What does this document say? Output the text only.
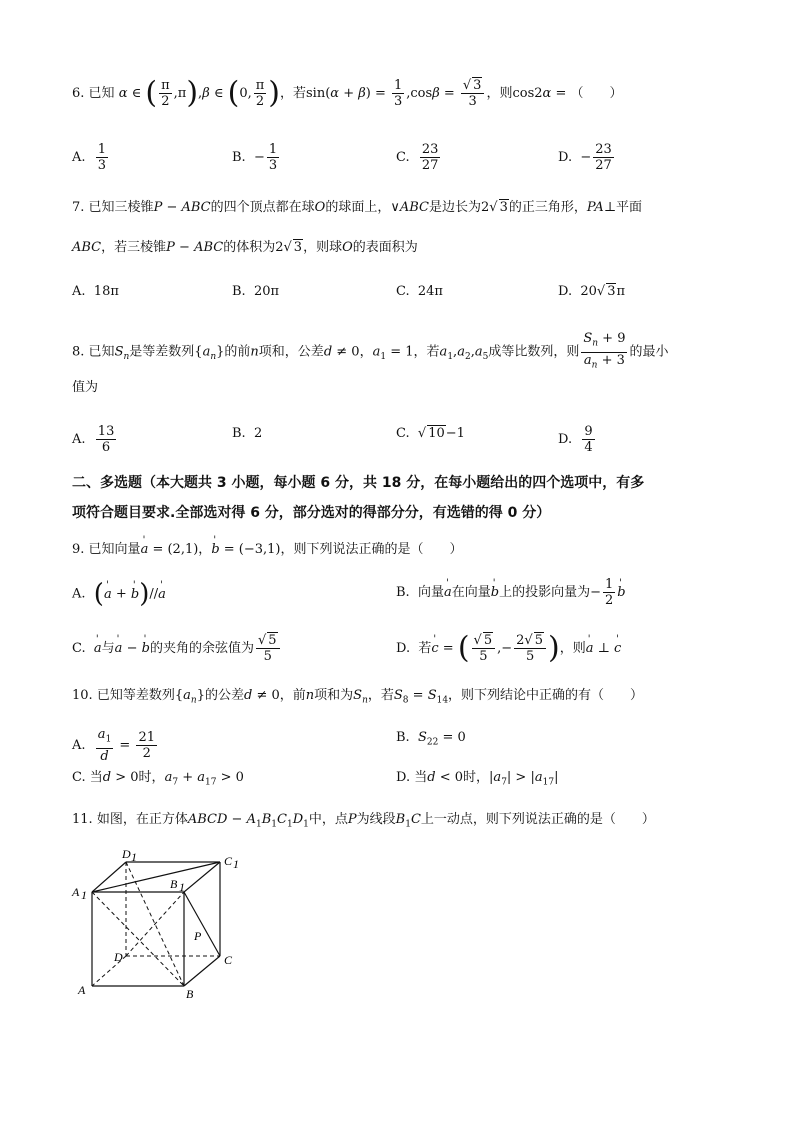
6. 已知 α ∈ ( $\frac{\pi}{2} ,\pi),\beta$ ∈ (0, $\frac{\pi}{2}$ )，若$\sin(\alpha + \beta) = \frac{1}{3} ,\cos\beta = \frac{√ 3}{3}$ ，则cos2α = （　　）
A. $\frac{1}{3}$	B.  − $\frac{1}{3}$	C. $\frac{23}{27}$	D.  − $\frac{23}{27}$
7. 已知三棱锥P − ABC的四个顶点都在球O的球面上，∨ABC是边长为2√ 3的正三角形，PA⊥平面
ABC，若三棱锥P − ABC的体积为2√ 3，则球O的表面积为
A.  18π	B.  20π	C.  24π	D.  20√ 3π
8. 已知$S_n$是等差数列$\{a_n\}$的前n项和，公差d ≠ 0，$a_1 = 1$，若$a_1,a_2,a_5$成等比数列，则 $\frac{S_n + 9}{a_n + 3}$ 的最小
值为
A. $\frac{13}{6}$	B.  2	C.  √ 10−1	D. $\frac{9}{4}$
二、多选题（本大题共 3 小题，每小题 6 分，共 18 分，在每小题给出的四个选项中，有多
项符合题目要求.全部选对得 6 分，部分选对的得部分分，有选错的得 0 分）
9. 已知向量' a = (2,1)，' b = (−3,1)，则下列说法正确的是（　　）
A. (' a + ' b)//' a	B. 向量' a在向量' b上的投影向量为− $\frac{1}{2}$ ' b
C. ' a与' a − ' b的夹角的余弦值为 $\frac{√ 5}{5}$	D. 若' c = ( $\frac{√ 5}{5}$ ,− $\frac{2√ 5}{5}$ )，则' a ⊥ ' c
10. 已知等差数列$\{a_n\}$的公差d ≠ 0，前n项和为$S_n$，若$S_8 = S_{14}$，则下列结论中正确的有（　　）
A. $\frac{a_1}{d} = \frac{21}{2}$	B. $S_{22} = 0$
C. 当d > 0时，$a_7 + a_{17} > 0$	D. 当d < 0时，$|a_7| > |a_{17}|$
11. 如图，在正方体ABCD − $A_1B_1C_1D_1$中，点P为线段$B_1C$上一动点，则下列说法正确的是（　　）
D 1	C 1
A 1
B 1
P
D	C
A	B
